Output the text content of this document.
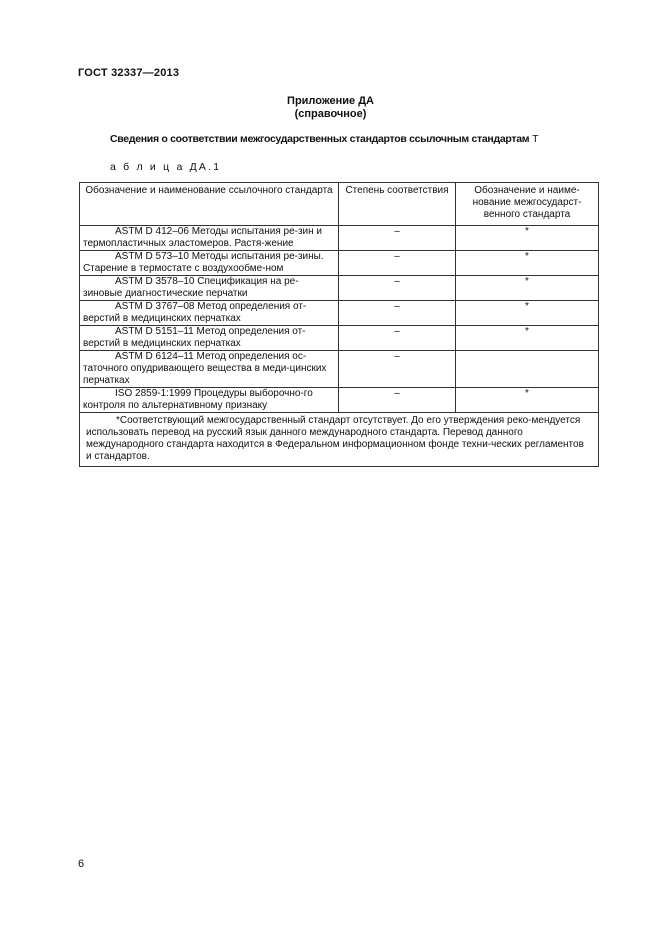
ГОСТ 32337—2013
Приложение ДА

(справочное)
Сведения о соответствии межгосударственных стандартов ссылочным стандартам Т
а б л и ц а ДА.1
Обозначение и наименование ссылочного стандарта	Степень соответствия	Обозначение и наиме-нование межгосударст-венного стандарта
ASTM D 412–06 Методы испытания ре-зин и термопластичных эластомеров. Растя-жение	–	*
ASTM D 573–10 Методы испытания ре-зины. Старение в термостате с воздухообме-ном	–	*
ASTM D 3578–10 Спецификация на ре-зиновые диагностические перчатки	–	*
ASTM D 3767–08 Метод определения от-верстий в медицинских перчатках	–	*
ASTM D 5151–11 Метод определения от-верстий в медицинских перчатках	–	*
ASTM D 6124–11 Метод определения ос-таточного опудривающего вещества в меди-цинских перчатках	–	
ISO 2859-1:1999 Процедуры выборочно-го контроля по альтернативному признаку	–	*
*Соответствующий межгосударственный стандарт отсутствует. До его утверждения реко-мендуется использовать перевод на русский язык данного международного стандарта. Перевод данного международного стандарта находится в Федеральном информационном фонде техни-ческих регламентов и стандартов.		
6
